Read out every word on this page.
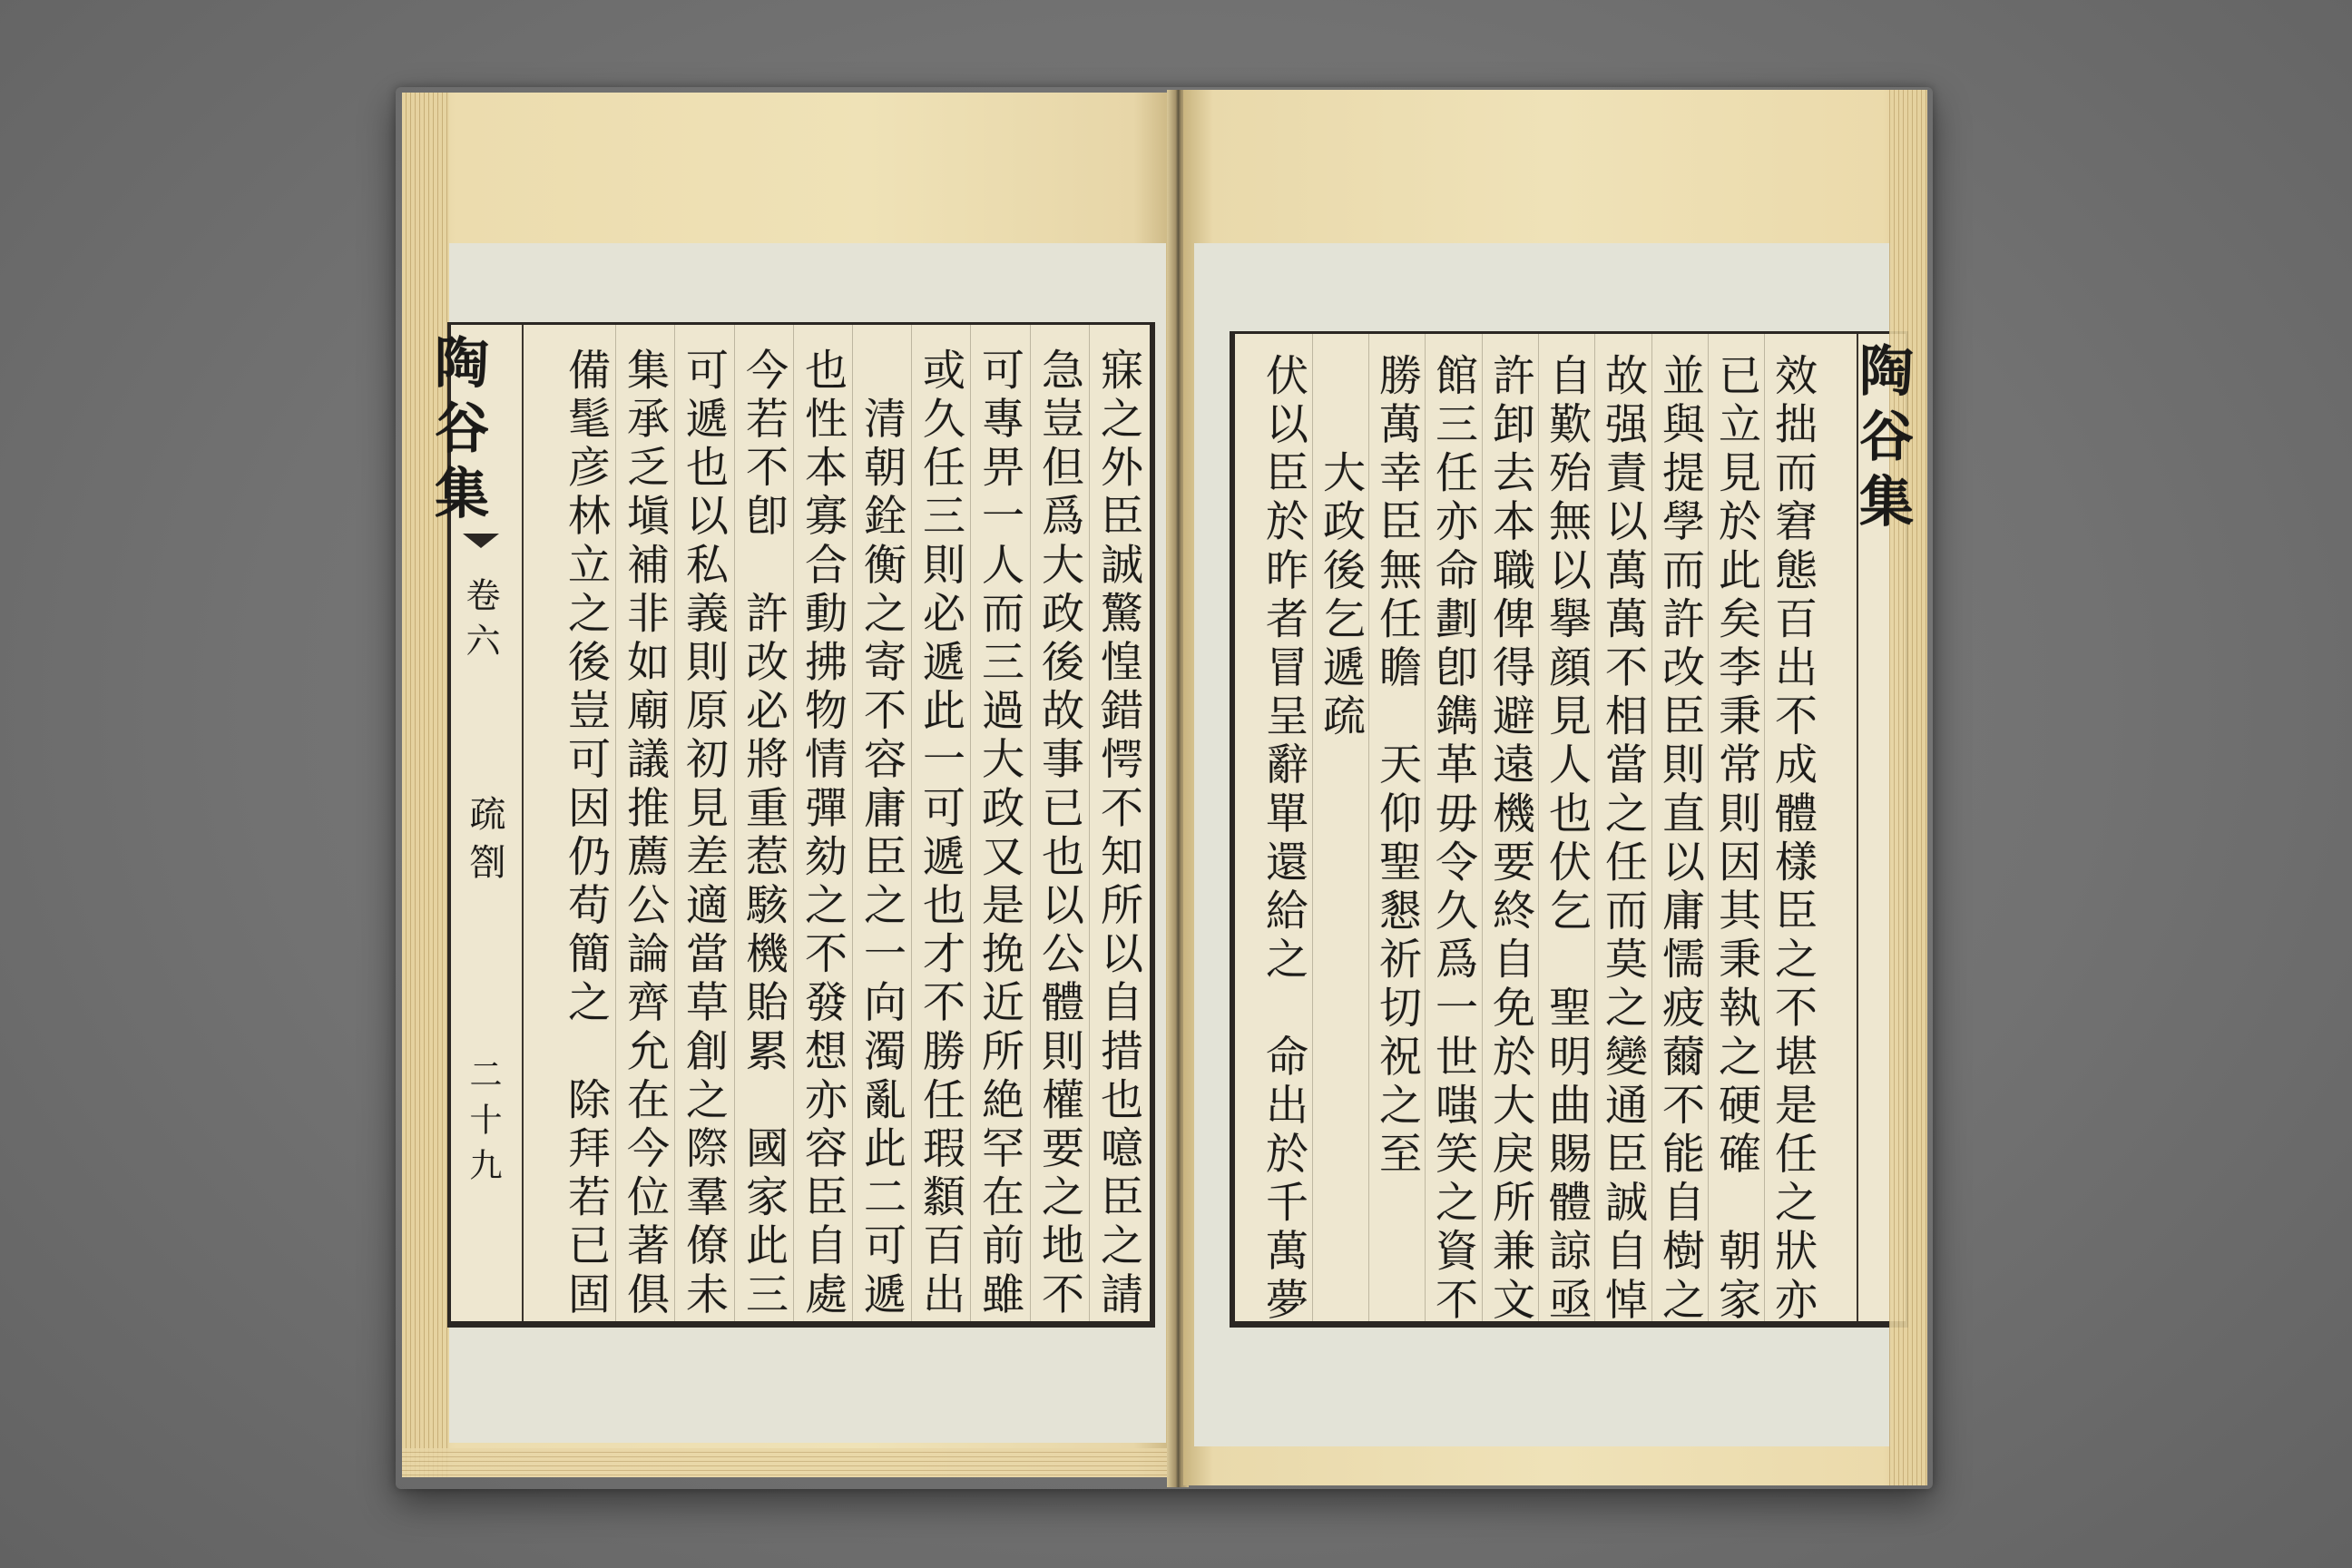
陶谷集
卷六
疏劄
二十九	寐之外臣誠驚惶錯愕不知所以自措也噫臣之請
急豈但爲大政後故事已也以公體則權要之地不
可專畀一人而三過大政又是挽近所絶罕在前雖
或久任三則必遞此一可遞也才不勝任瑕纇百出
　清朝銓衡之寄不容庸臣之一向濁亂此二可遞
也性本寡合動拂物情彈劾之不發想亦容臣自處
今若不卽　許改必將重惹駭機貽累　國家此三
可遞也以私義則原初見差適當草創之際羣僚未
集承乏塡補非如廟議推薦公論齊允在今位著俱
備髦彦林立之後豈可因仍苟簡之　除拜若已固	陶谷集
效拙而窘態百出不成體樣臣之不堪是任之狀亦
已立見於此矣李秉常則因其秉執之硬確　朝家
並與提學而許改臣則直以庸懦疲薾不能自樹之
故强責以萬萬不相當之任而莫之變通臣誠自悼
自歎殆無以擧顔見人也伏乞　聖明曲賜體諒亟
許卸去本職俾得避遠機要終自免於大戾所兼文
館三任亦命劃卽鐫革毋令久爲一世嗤笑之資不
勝萬幸臣無任瞻　天仰聖懇祈切祝之至
　　大政後乞遞疏
伏以臣於昨者冒呈辭單還給之　命出於千萬夢
